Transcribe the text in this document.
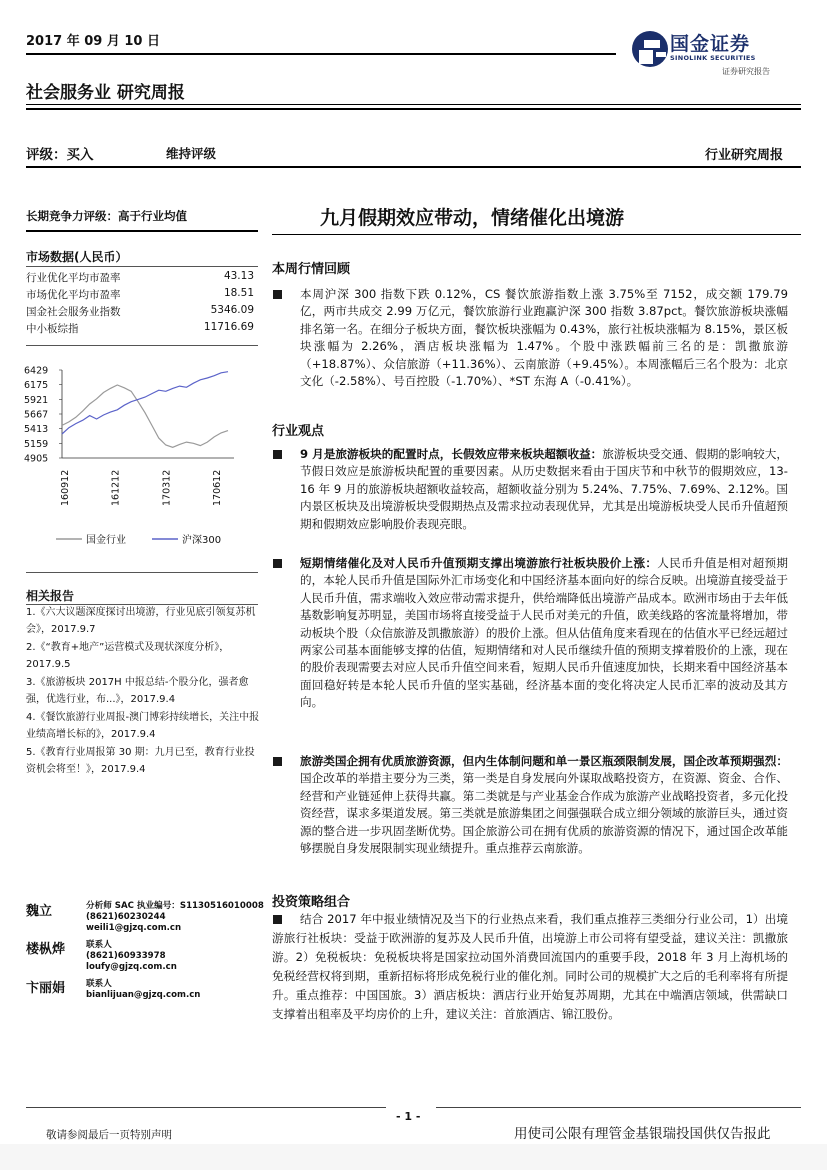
2017 年 09 月 10 日	国金证券
SINOLINK SECURITIES
证券研究报告
社会服务业 研究周报
评级：买入	维持评级	行业研究周报
长期竞争力评级：高于行业均值
市场数据(人民币）
行业优化平均市盈率	43.13
市场优化平均市盈率	18.51
国金社会服务业指数	5346.09
中小板综指	11716.69
6429
6175
5921
5667
5413
5159
4905
160912	161212	170312	170612
国金行业	沪深300
相关报告
1.《六大议题深度探讨出境游，行业见底引领复苏机会》，2017.9.7
2.《“教育+地产”运营模式及现状深度分析》，2017.9.5
3.《旅游板块 2017H 中报总结-个股分化，强者愈强，优选行业，布...》，2017.9.4
4.《餐饮旅游行业周报-澳门博彩持续增长，关注中报业绩高增长标的》，2017.9.4
5.《教育行业周报第 30 期：九月已至，教育行业投资机会将至！》，2017.9.4
魏立	分析师 SAC 执业编号：S1130516010008
(8621)60230244
weili1@gjzq.com.cn
楼枞烨 联系人
(8621)60933978
loufy@gjzq.com.cn
卞丽娟 联系人
bianlijuan@gjzq.com.cn
九月假期效应带动，情绪催化出境游
本周行情回顾
本周沪深 300 指数下跌 0.12%，CS 餐饮旅游指数上涨 3.75%至 7152，成交额 179.79 亿，两市共成交 2.99 万亿元，餐饮旅游行业跑赢沪深 300 指数 3.87pct。餐饮旅游板块涨幅排名第一名。在细分子板块方面，餐饮板块涨幅为 0.43%，旅行社板块涨幅为 8.15%，景区板块涨幅为 2.26%，酒店板块涨幅为 1.47%。个股中涨跌幅前三名的是：凯撒旅游（+18.87%）、众信旅游（+11.36%）、云南旅游（+9.45%）。本周涨幅后三名个股为：北京文化（-2.58%）、号百控股（-1.70%）、*ST 东海 A（-0.41%）。
行业观点
9 月是旅游板块的配置时点，长假效应带来板块超额收益：旅游板块受交通、假期的影响较大，节假日效应是旅游板块配置的重要因素。从历史数据来看由于国庆节和中秋节的假期效应，13-16 年 9 月的旅游板块超额收益较高，超额收益分别为 5.24%、7.75%、7.69%、2.12%。国内景区板块及出境游板块受假期热点及需求拉动表现优异，尤其是出境游板块受人民币升值超预期和假期效应影响股价表现亮眼。
短期情绪催化及对人民币升值预期支撑出境游旅行社板块股价上涨：人民币升值是相对超预期的，本轮人民币升值是国际外汇市场变化和中国经济基本面向好的综合反映。出境游直接受益于人民币升值，需求端收入效应带动需求提升，供给端降低出境游产品成本。欧洲市场由于去年低基数影响复苏明显，美国市场将直接受益于人民币对美元的升值，欧美线路的客流量将增加，带动板块个股（众信旅游及凯撒旅游）的股价上涨。但从估值角度来看现在的估值水平已经远超过两家公司基本面能够支撑的估值，短期情绪和对人民币继续升值的预期支撑着股价的上涨，现在的股价表现需要去对应人民币升值空间来看，短期人民币升值速度加快，长期来看中国经济基本面回稳好转是本轮人民币升值的坚实基础，经济基本面的变化将决定人民币汇率的波动及其方向。
旅游类国企拥有优质旅游资源，但内生体制问题和单一景区瓶颈限制发展，国企改革预期强烈：国企改革的举措主要分为三类，第一类是自身发展向外谋取战略投资方，在资源、资金、合作、经营和产业链延伸上获得共赢。第二类就是与产业基金合作成为旅游产业战略投资者，多元化投资经营，谋求多渠道发展。第三类就是旅游集团之间强强联合成立细分领域的旅游巨头，通过资源的整合进一步巩固垄断优势。国企旅游公司在拥有优质的旅游资源的情况下，通过国企改革能够摆脱自身发展限制实现业绩提升。重点推荐云南旅游。
投资策略组合
结合 2017 年中报业绩情况及当下的行业热点来看，我们重点推荐三类细分行业公司，1）出境游旅行社板块：受益于欧洲游的复苏及人民币升值，出境游上市公司将有望受益，建议关注：凯撒旅游。2）免税板块：免税板块将是国家拉动国外消费回流国内的重要手段，2018 年 3 月上海机场的免税经营权将到期，重新招标将形成免税行业的催化剂。同时公司的规模扩大之后的毛利率将有所提升。重点推荐：中国国旅。3）酒店板块：酒店行业开始复苏周期，尤其在中端酒店领域，供需缺口支撑着出租率及平均房价的上升，建议关注：首旅酒店、锦江股份。
- 1 -
敬请参阅最后一页特别声明	用使司公限有理管金基银瑞投国供仅告报此
